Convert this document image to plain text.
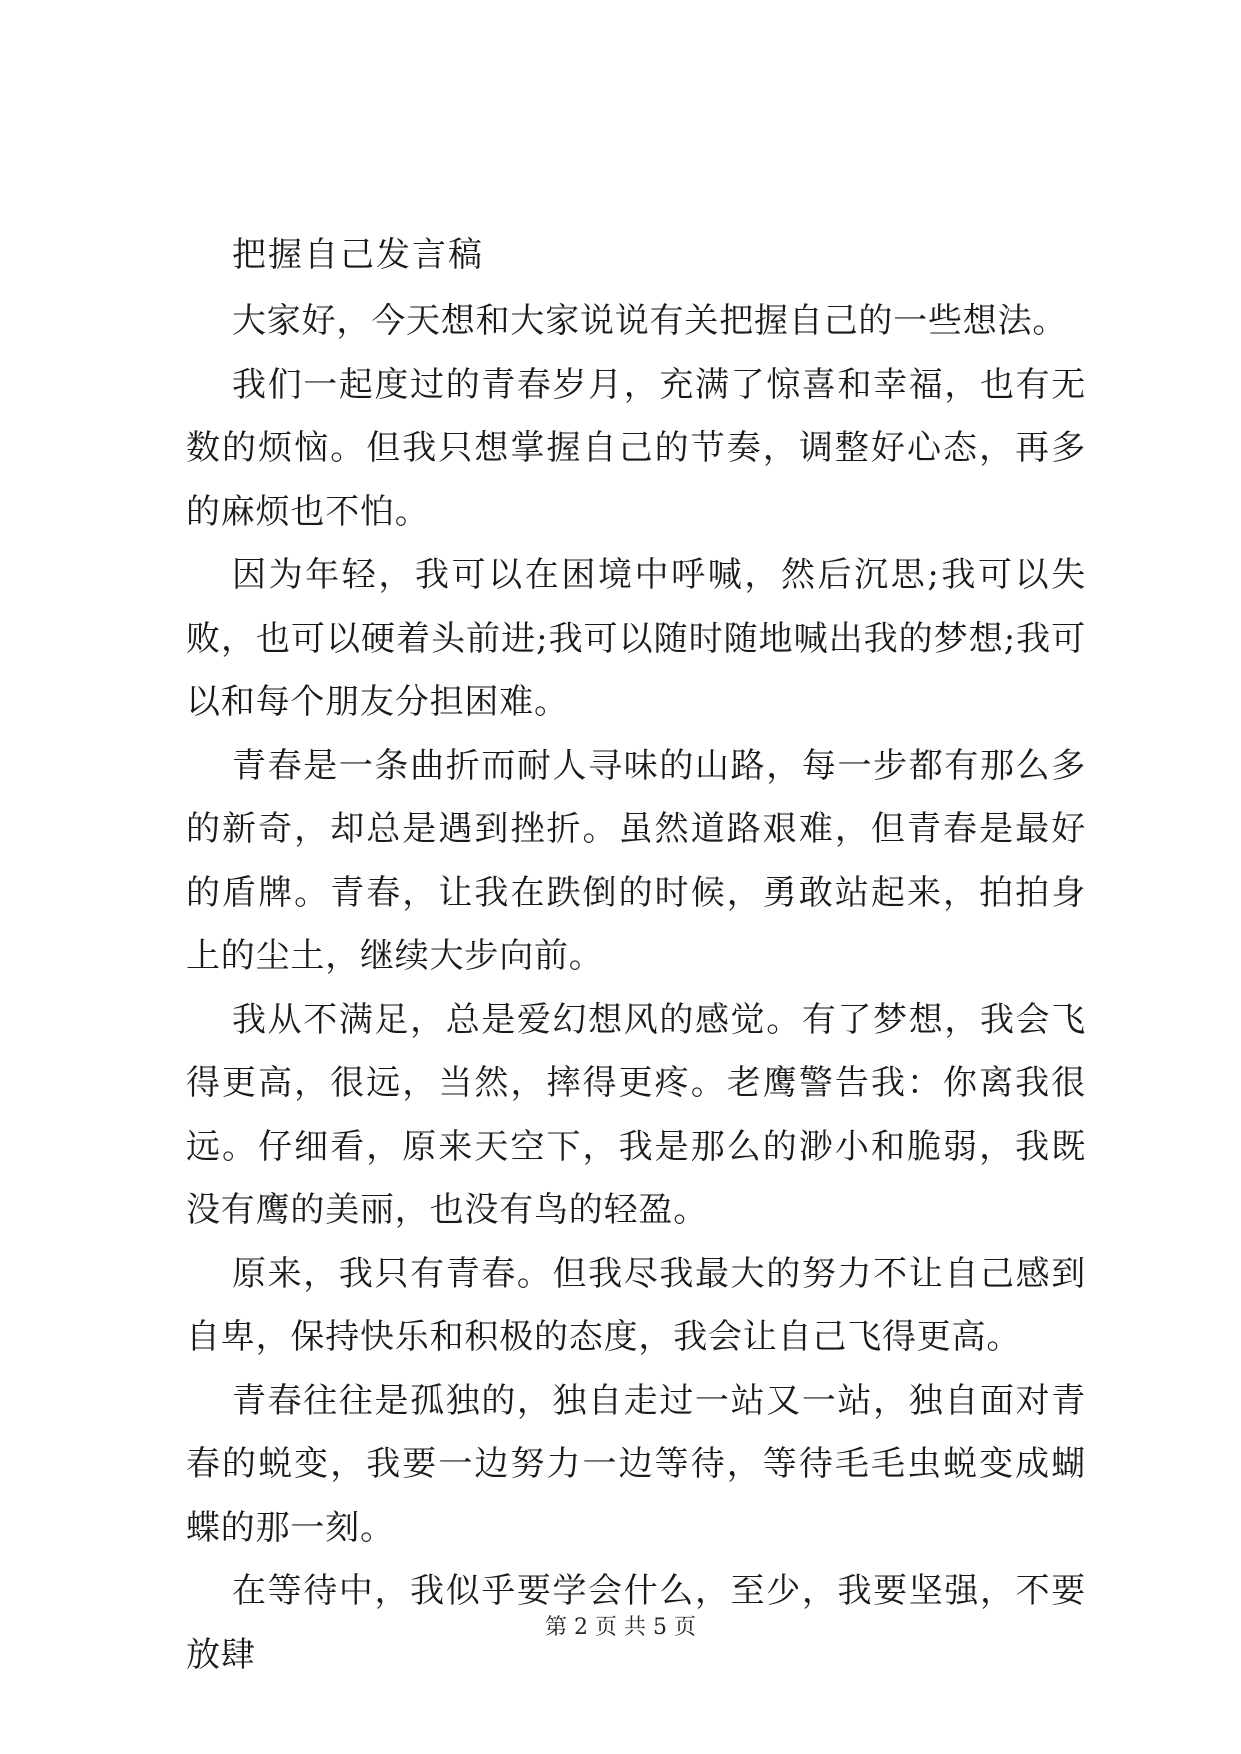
把握自己发言稿

大家好，今天想和大家说说有关把握自己的一些想法。

我们一起度过的青春岁月，充满了惊喜和幸福，也有无数的烦恼。但我只想掌握自己的节奏，调整好心态，再多的麻烦也不怕。

因为年轻，我可以在困境中呼喊，然后沉思;我可以失败，也可以硬着头前进;我可以随时随地喊出我的梦想;我可以和每个朋友分担困难。

青春是一条曲折而耐人寻味的山路，每一步都有那么多的新奇，却总是遇到挫折。虽然道路艰难，但青春是最好的盾牌。青春，让我在跌倒的时候，勇敢站起来，拍拍身上的尘土，继续大步向前。

我从不满足，总是爱幻想风的感觉。有了梦想，我会飞得更高，很远，当然，摔得更疼。老鹰警告我：你离我很远。仔细看，原来天空下，我是那么的渺小和脆弱，我既没有鹰的美丽，也没有鸟的轻盈。

原来，我只有青春。但我尽我最大的努力不让自己感到自卑，保持快乐和积极的态度，我会让自己飞得更高。

青春往往是孤独的，独自走过一站又一站，独自面对青春的蜕变，我要一边努力一边等待，等待毛毛虫蜕变成蝴蝶的那一刻。

在等待中，我似乎要学会什么，至少，我要坚强，不要放肆

第 2 页 共 5 页
